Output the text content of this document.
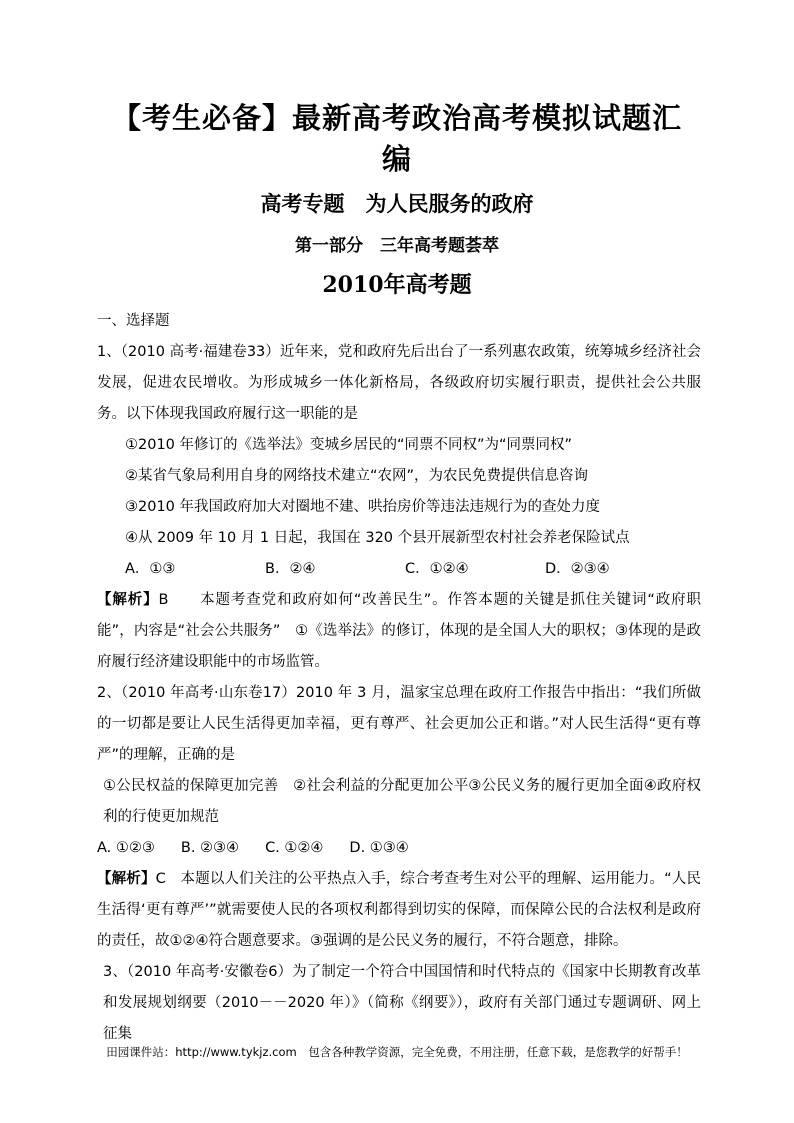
【考生必备】最新高考政治高考模拟试题汇编
高考专题　为人民服务的政府
第一部分　三年高考题荟萃
2010年高考题

一、选择题

1、（2010 高考·福建卷33）近年来，党和政府先后出台了一系列惠农政策，统筹城乡经济社会发展，促进农民增收。为形成城乡一体化新格局，各级政府切实履行职责，提供社会公共服务。以下体现我国政府履行这一职能的是

①2010 年修订的《选举法》变城乡居民的“同票不同权”为“同票同权”

②某省气象局利用自身的网络技术建立“农网”，为农民免费提供信息咨询

③2010 年我国政府加大对圈地不建、哄抬房价等违法违规行为的查处力度

④从 2009 年 10 月 1 日起，我国在 320 个县开展新型农村社会养老保险试点

A．①③	B．②④	C．①②④	D．②③④

【解析】B　　本题考查党和政府如何“改善民生”。作答本题的关键是抓住关键词“政府职能”，内容是“社会公共服务”　①《选举法》的修订，体现的是全国人大的职权；③体现的是政府履行经济建设职能中的市场监管。

2、（2010 年高考·山东卷17）2010 年 3 月，温家宝总理在政府工作报告中指出：“我们所做的一切都是要让人民生活得更加幸福，更有尊严、社会更加公正和谐。”对人民生活得“更有尊严”的理解，正确的是

①公民权益的保障更加完善　②社会利益的分配更加公平③公民义务的履行更加全面④政府权利的行使更加规范

A. ①②③ B. ②③④ C. ①②④ D. ①③④

【解析】C　本题以人们关注的公平热点入手，综合考查考生对公平的理解、运用能力。“人民生活得‘更有尊严’”就需要使人民的各项权利都得到切实的保障，而保障公民的合法权利是政府的责任，故①②④符合题意要求。③强调的是公民义务的履行，不符合题意，排除。

3、（2010 年高考·安徽卷6）为了制定一个符合中国国情和时代特点的《国家中长期教育改革和发展规划纲要（2010－－2020 年）》（简称《纲要》），政府有关部门通过专题调研、网上征集

田园课件站：http://www.tykjz.com　包含各种教学资源，完全免费，不用注册，任意下载，是您教学的好帮手！
